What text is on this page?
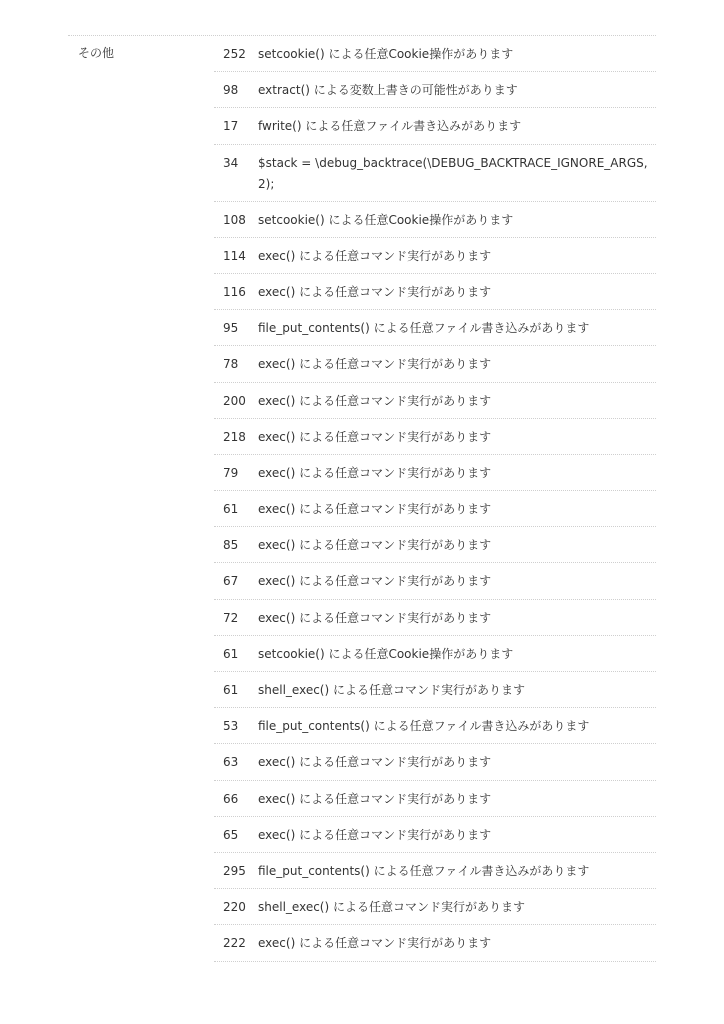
その他	252	setcookie() による任意Cookie操作があります
98	extract() による変数上書きの可能性があります
17	fwrite() による任意ファイル書き込みがあります
34	$stack = \debug_backtrace(\DEBUG_BACKTRACE_IGNORE_ARGS, 2);
108	setcookie() による任意Cookie操作があります
114	exec() による任意コマンド実行があります
116	exec() による任意コマンド実行があります
95	file_put_contents() による任意ファイル書き込みがあります
78	exec() による任意コマンド実行があります
200	exec() による任意コマンド実行があります
218	exec() による任意コマンド実行があります
79	exec() による任意コマンド実行があります
61	exec() による任意コマンド実行があります
85	exec() による任意コマンド実行があります
67	exec() による任意コマンド実行があります
72	exec() による任意コマンド実行があります
61	setcookie() による任意Cookie操作があります
61	shell_exec() による任意コマンド実行があります
53	file_put_contents() による任意ファイル書き込みがあります
63	exec() による任意コマンド実行があります
66	exec() による任意コマンド実行があります
65	exec() による任意コマンド実行があります
295	file_put_contents() による任意ファイル書き込みがあります
220	shell_exec() による任意コマンド実行があります
222	exec() による任意コマンド実行があります
